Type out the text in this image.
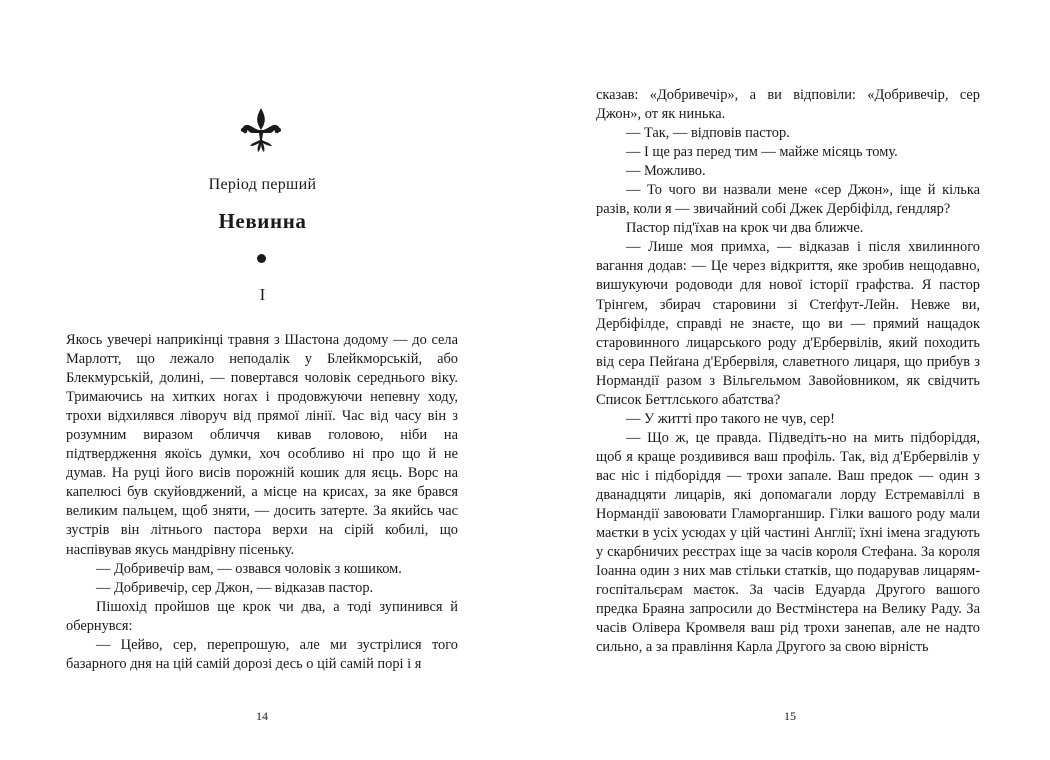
Період перший
Невинна
I

Якось увечері наприкінці травня з Шастона додому — до села Марлотт, що лежало неподалік у Блейкморській, або Блекмурській, долині, — повертався чоловік середнього віку. Тримаючись на хитких ногах і продовжуючи непевну ходу, трохи відхилявся ліворуч від прямої лінії. Час від часу він з розумним виразом обличчя кивав головою, ніби на підтвердження якоїсь думки, хоч особливо ні про що й не думав. На руці його висів порожній кошик для яєць. Ворс на капелюсі був скуйовджений, а місце на крисах, за яке брався великим пальцем, щоб зняти, — досить затерте. За якийсь час зустрів він літнього пастора верхи на сірій кобилі, що наспівував якусь мандрівну пісеньку.

— Добривечір вам, — озвався чоловік з кошиком.

— Добривечір, сер Джон, — відказав пастор.

Пішохід пройшов ще крок чи два, а тоді зупинився й обернувся:

— Цейво, сер, перепрошую, але ми зустрілися того базарного дня на цій самій дорозі десь о цій самій порі і я

14

сказав: «Добривечір», а ви відповіли: «Добривечір, сер Джон», от як нинька.

— Так, — відповів пастор.

— І ще раз перед тим — майже місяць тому.

— Можливо.

— То чого ви назвали мене «сер Джон», іще й кілька разів, коли я — звичайний собі Джек Дербіфілд, ґендляр?

Пастор під'їхав на крок чи два ближче.

— Лише моя примха, — відказав і після хвилинного вагання додав: — Це через відкриття, яке зробив нещодавно, вишукуючи родоводи для нової історії графства. Я пастор Трінгем, збирач старовини зі Стеґфут-Лейн. Невже ви, Дербіфілде, справді не знаєте, що ви — прямий нащадок старовинного лицарського роду д'Ербервілів, який походить від сера Пейґана д'Ербервіля, славетного лицаря, що прибув з Нормандії разом з Вільгельмом Завойовником, як свідчить Список Беттлського абатства?

— У житті про такого не чув, сер!

— Що ж, це правда. Підведіть-но на мить підборіддя, щоб я краще роздивився ваш профіль. Так, від д'Ербервілів у вас ніс і підборіддя — трохи запале. Ваш предок — один з дванадцяти лицарів, які допомагали лорду Естремавіллі в Нормандії завоювати Гламорганшир. Гілки вашого роду мали маєтки в усіх усюдах у цій частині Англії; їхні імена згадують у скарбничих реєстрах іще за часів короля Стефана. За короля Іоанна один з них мав стільки статків, що подарував лицарям-госпітальєрам маєток. За часів Едуарда Другого вашого предка Браяна запросили до Вестмінстера на Велику Раду. За часів Олівера Кромвеля ваш рід трохи занепав, але не надто сильно, а за правління Карла Другого за свою вірність

15
